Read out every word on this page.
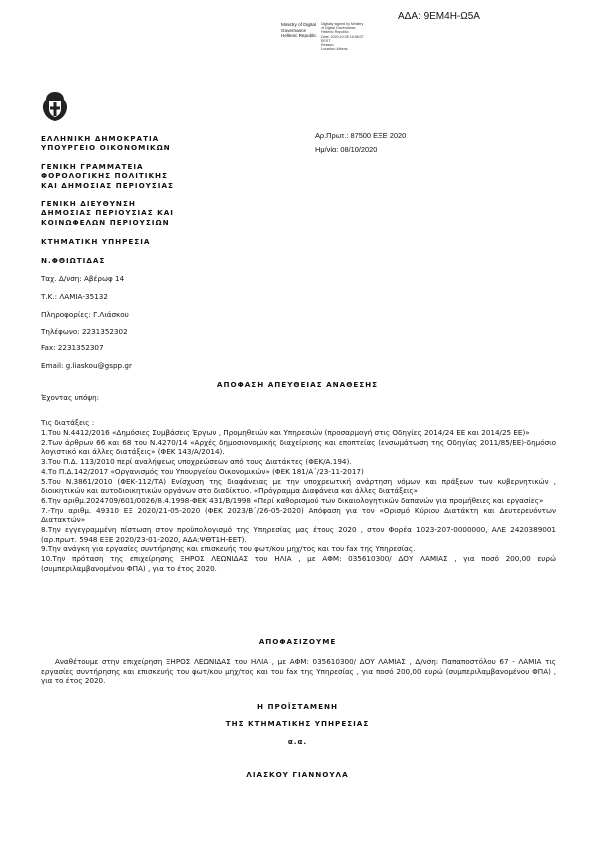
ΑΔΑ: 9ΕΜ4Η-Ω5Α
Ministry of Digital
Governance
Hellenic Republic
Digitally signed by Ministry
of Digital Governance,
Hellenic Republic
Date: 2020.10.08 15:58:07
EEST
Reason:
Location: Athens
ΕΛΛΗΝΙΚΗ ΔΗΜΟΚΡΑΤΙΑ
ΥΠΟΥΡΓΕΙΟ ΟΙΚΟΝΟΜΙΚΩΝ
ΓΕΝΙΚΗ ΓΡΑΜΜΑΤΕΙΑ
ΦΟΡΟΛΟΓΙΚΗΣ ΠΟΛΙΤΙΚΗΣ
ΚΑΙ ΔΗΜΟΣΙΑΣ ΠΕΡΙΟΥΣΙΑΣ
ΓΕΝΙΚΗ ΔΙΕΥΘΥΝΣΗ
ΔΗΜΟΣΙΑΣ ΠΕΡΙΟΥΣΙΑΣ ΚΑΙ
ΚΟΙΝΩΦΕΛΩΝ ΠΕΡΙΟΥΣΙΩΝ
ΚΤΗΜΑΤΙΚΗ ΥΠΗΡΕΣΙΑ
Ν.ΦΘΙΩΤΙΔΑΣ
Ταχ. Δ/νση: Αβέρωφ 14
Τ.Κ.: ΛΑΜΙΑ-35132
Πληροφορίες: Γ.Λιάσκου
Τηλέφωνο: 2231352302
Fax: 2231352307
Email: g.liaskou@gspp.gr
Αρ.Πρωτ.: 87500 ΕΞΕ 2020
Ημ/νία: 08/10/2020
ΑΠΟΦΑΣΗ ΑΠΕΥΘΕΙΑΣ ΑΝΑΘΕΣΗΣ
Έχοντας υπόψη:
Τις διατάξεις :
1.Του Ν.4412/2016 «Δημόσιες Συμβάσεις Έργων , Προμηθειών και Υπηρεσιών (προσαρμογή στις Οδηγίες 2014/24 ΕΕ και 2014/25 ΕΕ)»
2.Των άρθρων 66 και 68 του Ν.4270/14 «Αρχές δημοσιονομικής διαχείρισης και εποπτείας (ενσωμάτωση της Οδηγίας 2011/85/ΕΕ)-δημόσιο λογιστικό και άλλες διατάξεις» (ΦΕΚ 143/Α/2014).
3.Του Π.Δ. 113/2010 περί αναλήψεως υποχρεώσεων από τους Διατάκτες (ΦΕΚ/Α.194).
4.Το Π.Δ.142/2017 «Οργανισμός του Υπουργείου Οικονομικών» (ΦΕΚ 181/Α΄/23-11-2017)
5.Του Ν.3861/2010 (ΦΕΚ-112/ΤΑ) Ενίσχυση της διαφάνειας με την υποχρεωτική ανάρτηση νόμων και πράξεων των κυβερνητικών , διοικητικών και αυτοδιοικητικών οργάνων στο διαδίκτυο. «Πρόγραμμα Διαφάνεια και άλλες διατάξεις»
6.Την αριθμ.2024709/601/0026/8.4.1998-ΦΕΚ 431/Β/1998 «Περί καθορισμού των δικαιολογητικών δαπανών για προμήθειες και εργασίες»
7.-Την αριθμ. 49310 ΕΞ 2020/21-05-2020 (ΦΕΚ 2023/Β΄/26-05-2020) Απόφαση για τον «Ορισμό Κύριου Διατάκτη και Δευτερευόντων Διατακτών»
8.Την εγγεγραμμένη πίστωση στον προϋπολογισμό της Υπηρεσίας μας έτους 2020 , στον Φορέα 1023-207-0000000, ΑΛΕ 2420389001 (αρ.πρωτ. 5948 ΕΞΕ 2020/23-01-2020, ΑΔΑ:ΨΘΤ1Η-ΕΕΤ).
9.Την ανάγκη για εργασίες συντήρησης και επισκευής του φωτ/κου μηχ/τος και του fax της Υπηρεσίας.
10.Την πρόταση της επιχείρησης ΞΗΡΟΣ ΛΕΩΝΙΔΑΣ του ΗΛΙΑ , με ΑΦΜ: 035610300/ ΔΟΥ ΛΑΜΙΑΣ , για ποσό 200,00 ευρώ (συμπεριλαμβανομένου ΦΠΑ) , για το έτος 2020.
ΑΠΟΦΑΣΙΖΟΥΜΕ
Αναθέτουμε στην επιχείρηση ΞΗΡΟΣ ΛΕΩΝΙΔΑΣ του ΗΛΙΑ , με ΑΦΜ: 035610300/ ΔΟΥ ΛΑΜΙΑΣ , Δ/νση: Παπαποστόλου 67 - ΛΑΜΙΑ τις εργασίες συντήρησης και επισκευής του φωτ/κου μηχ/τος και του fax της Υπηρεσίας , για ποσό 200,00 ευρώ (συμπεριλαμβανομένου ΦΠΑ) , για το έτος 2020.
Η ΠΡΟΪΣΤΑΜΕΝΗ
ΤΗΣ ΚΤΗΜΑΤΙΚΗΣ ΥΠΗΡΕΣΙΑΣ
α.α.
ΛΙΑΣΚΟΥ ΓΙΑΝΝΟΥΛΑ
